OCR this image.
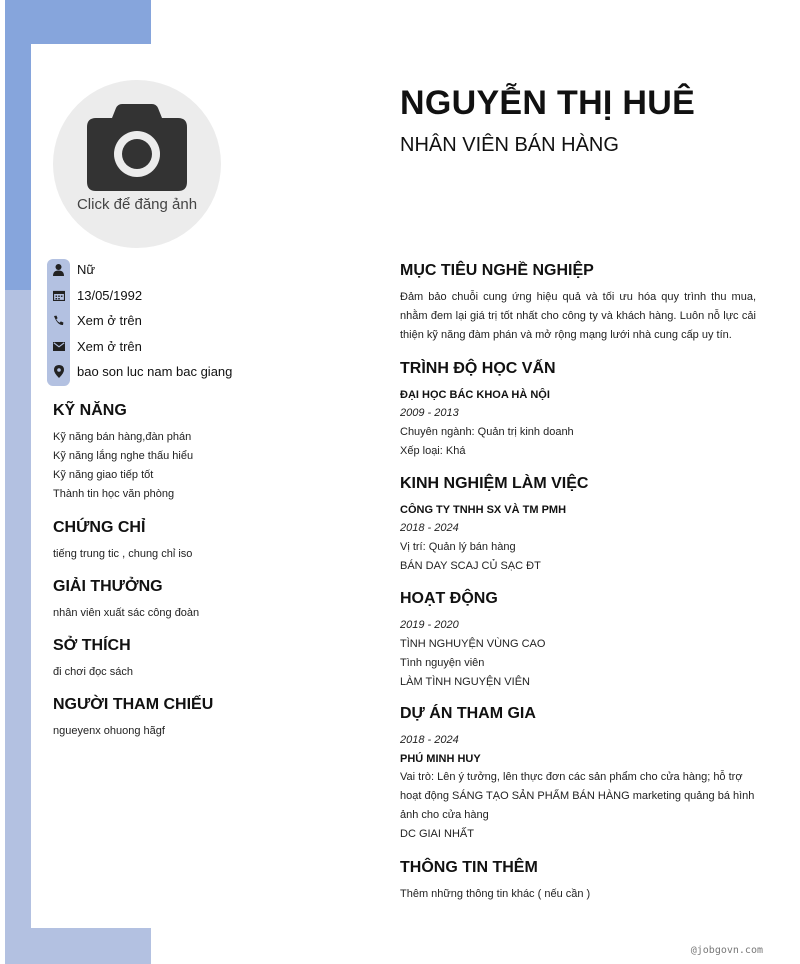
NGUYỄN THỊ HUÊ
NHÂN VIÊN BÁN HÀNG
Click để đăng ảnh
Nữ
13/05/1992
Xem ở trên
Xem ở trên
bao son luc nam bac giang
KỸ NĂNG
Kỹ năng bán hàng,đàn phán
Kỹ năng lắng nghe thấu hiểu
Kỹ năng giao tiếp tốt
Thành tin học văn phòng
CHỨNG CHỈ
tiếng trung tic , chung chỉ iso
GIẢI THƯỞNG
nhân viên xuất sác công đoàn
SỞ THÍCH
đi chơi đọc sách
NGƯỜI THAM CHIẾU
ngueyenx ohuong hãgf
MỤC TIÊU NGHỀ NGHIỆP
Đảm bảo chuỗi cung ứng hiệu quả và tối ưu hóa quy trình thu mua, nhằm đem lại giá trị tốt nhất cho công ty và khách hàng. Luôn nỗ lực cải thiện kỹ năng đàm phán và mở rộng mạng lưới nhà cung cấp uy tín.
TRÌNH ĐỘ HỌC VẤN
ĐẠI HỌC BÁC KHOA HÀ NỘI
2009 - 2013
Chuyên ngành: Quản trị kinh doanh
Xếp loại: Khá
KINH NGHIỆM LÀM VIỆC
CÔNG TY TNHH SX VÀ TM PMH
2018 - 2024
Vị trí: Quản lý bán hàng
BÁN DAY SCAJ CỦ SẠC ĐT
HOẠT ĐỘNG
2019 - 2020
TÌNH NGHUYỆN VÙNG CAO
Tình nguyện viên
LÀM TÌNH NGUYỆN VIÊN
DỰ ÁN THAM GIA
2018 - 2024
PHÚ MINH HUY
Vai trò: Lên ý tưởng, lên thực đơn các sản phẩm cho cửa hàng; hỗ trợ hoạt động SÁNG TẠO SẢN PHẨM BÁN HÀNG marketing quảng bá hình ảnh cho cửa hàng
DC GIAI NHẤT
THÔNG TIN THÊM
Thêm những thông tin khác ( nếu cần )
@jobgovn.com
